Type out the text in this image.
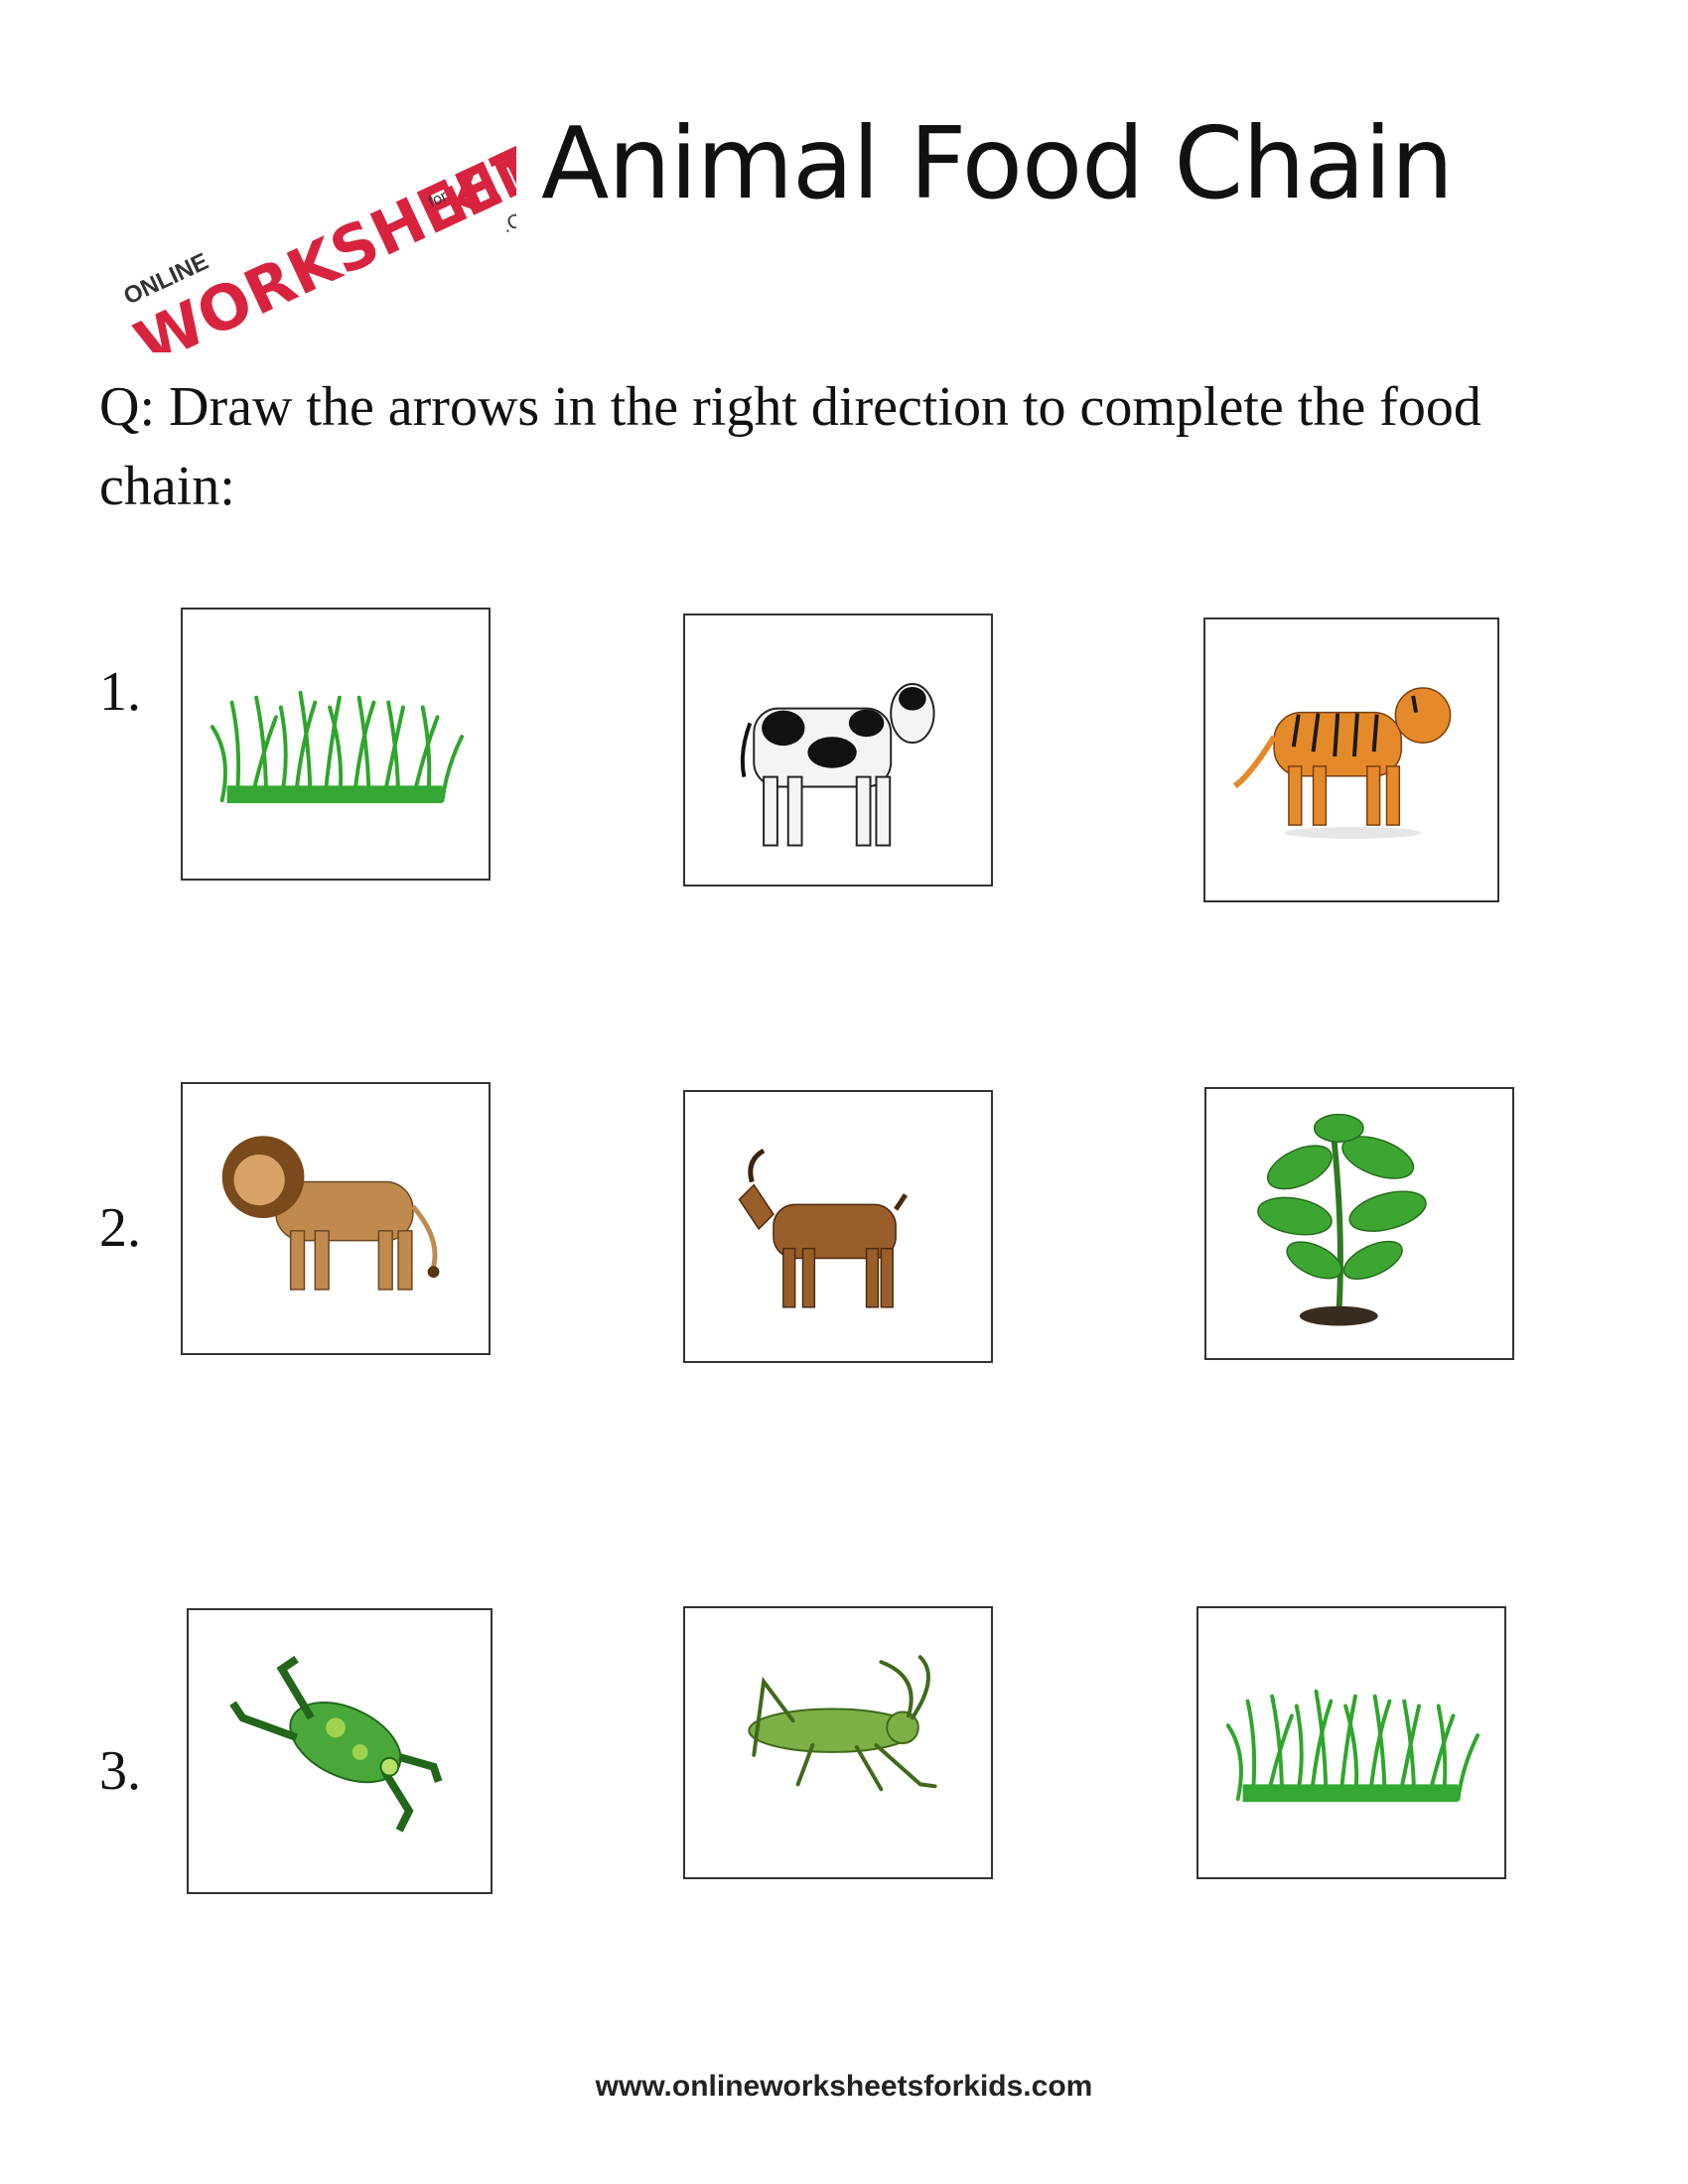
ONLINE
WORKSHEETS
for
KIDS
.COM
Animal Food Chain
Q: Draw the arrows in the right direction to complete the food chain:
1.
2.
3.
www.onlineworksheetsforkids.com
